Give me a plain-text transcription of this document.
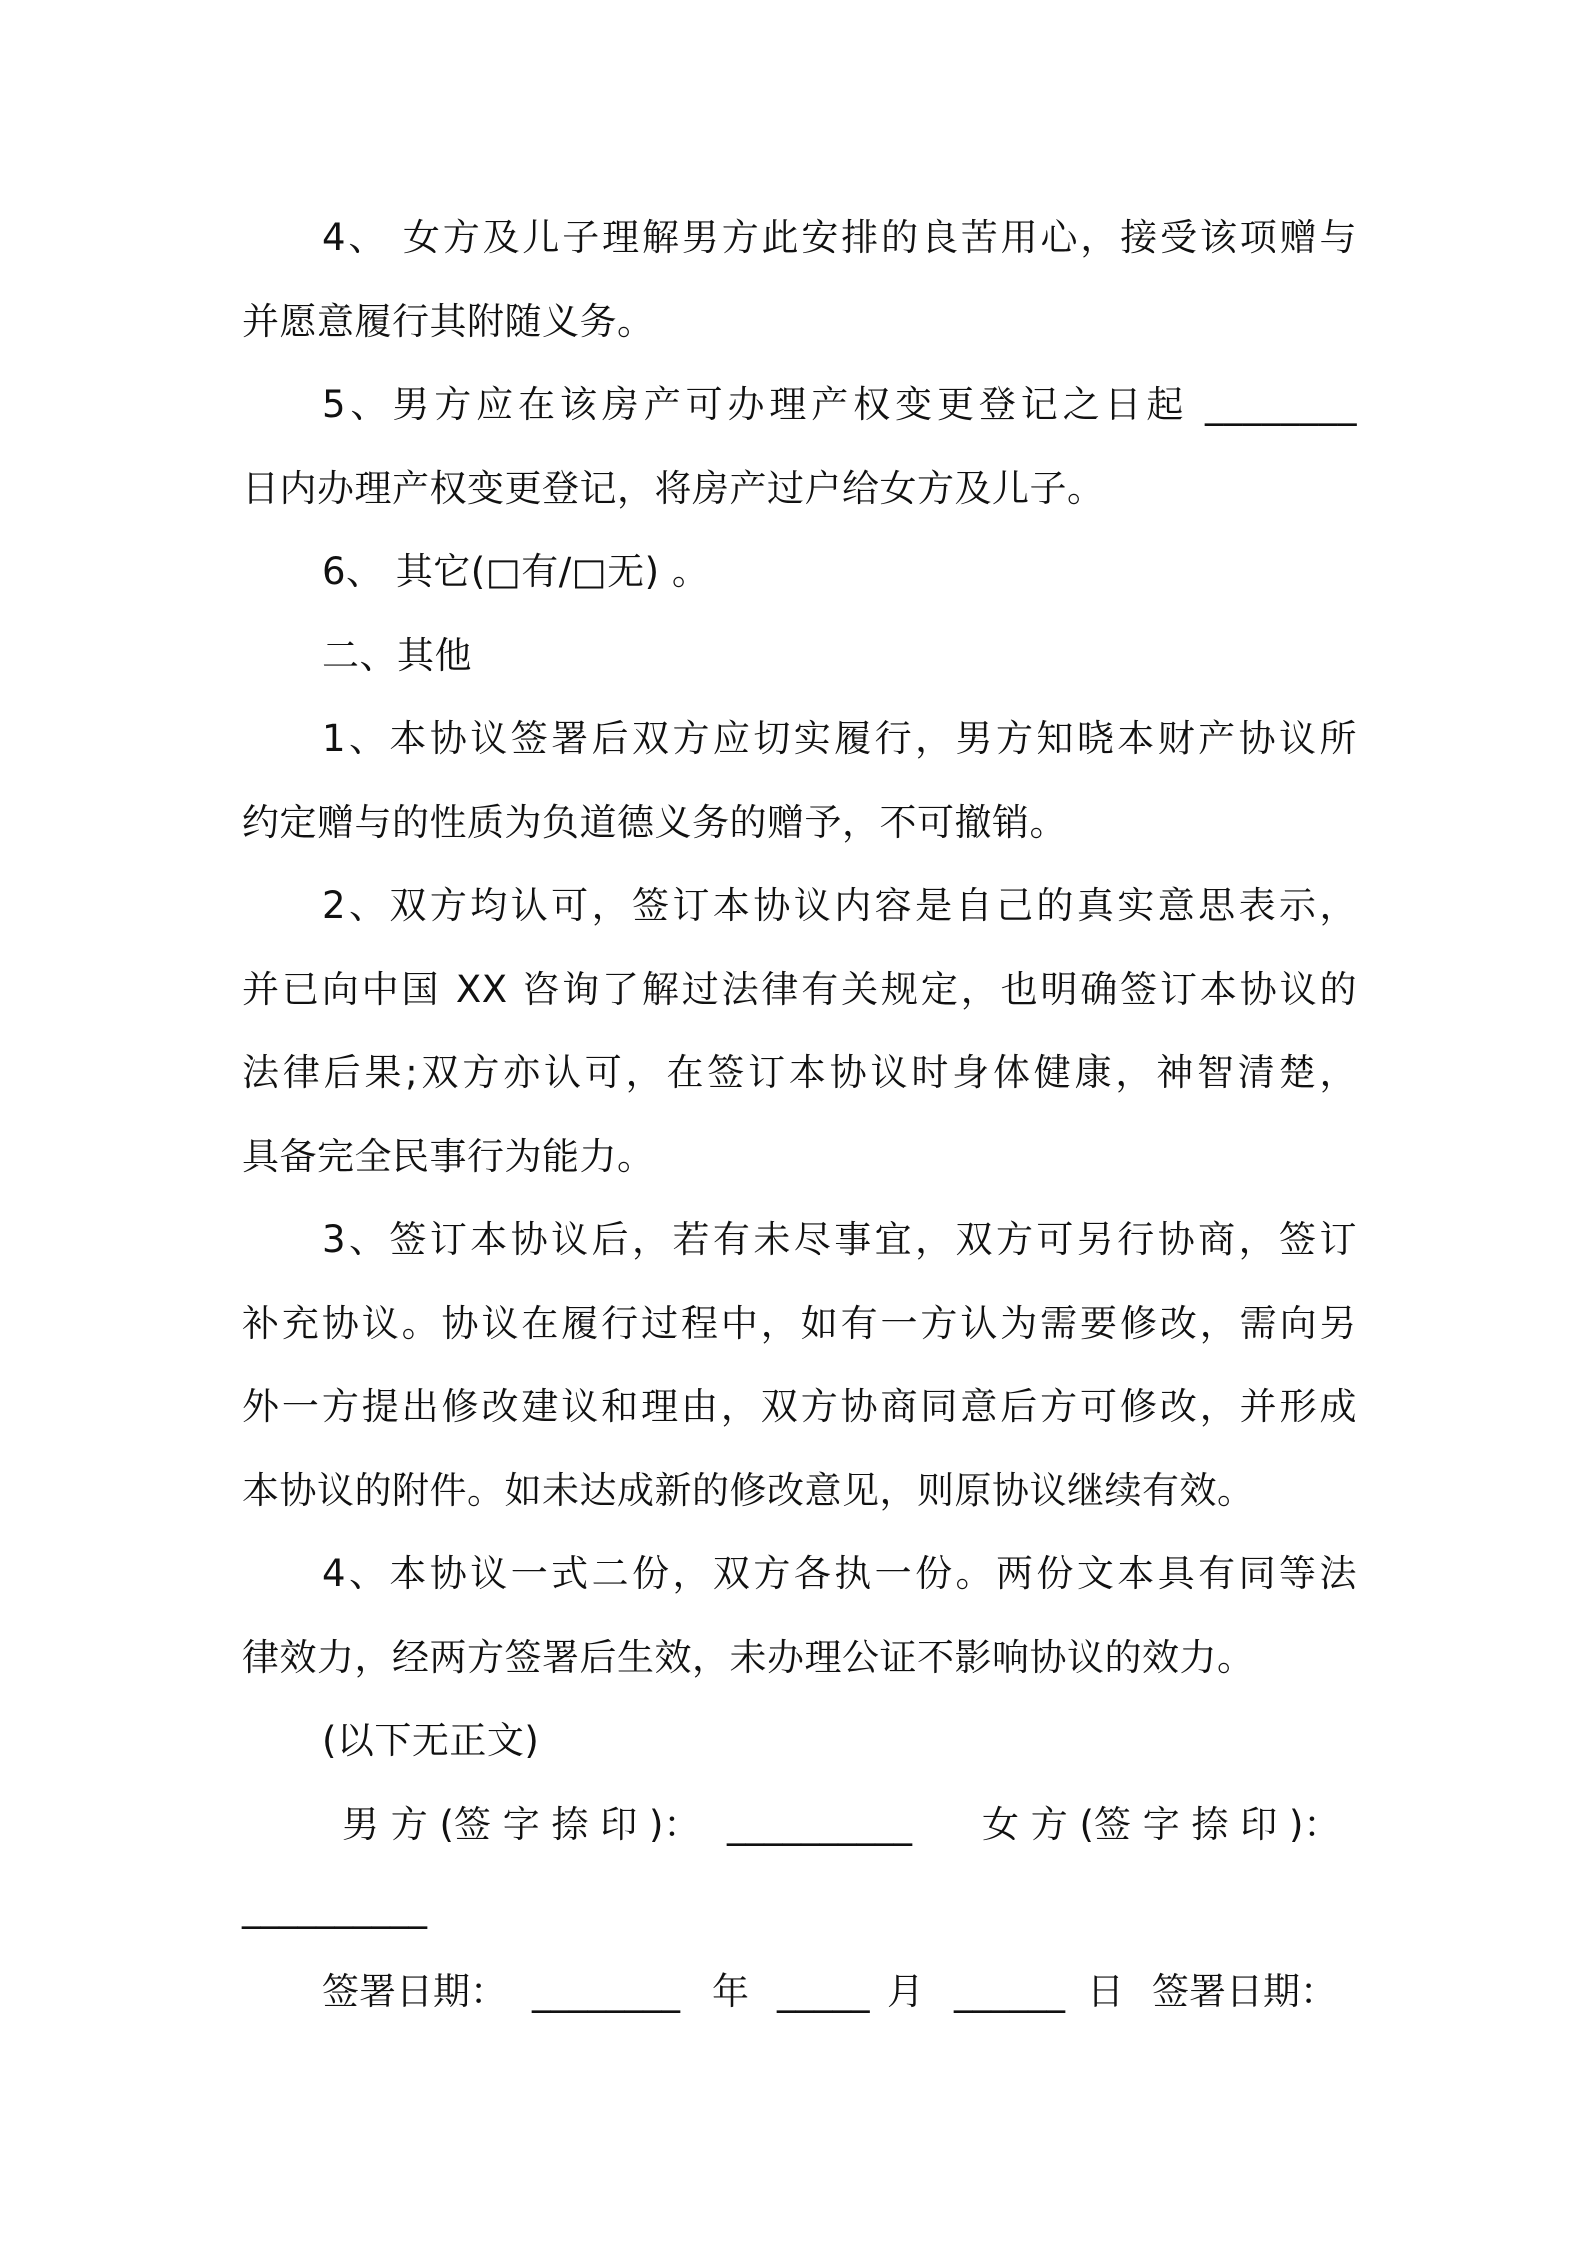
4、 女方及儿子理解男方此安排的良苦用心，接受该项赠与
并愿意履行其附随义务。
5、男方应在该房产可办理产权变更登记之日起 ________
日内办理产权变更登记，将房产过户给女方及儿子。
6、 其它(□有/□无) 。
二、其他
1、本协议签署后双方应切实履行，男方知晓本财产协议所
约定赠与的性质为负道德义务的赠予，不可撤销。
2、双方均认可，签订本协议内容是自己的真实意思表示，
并已向中国 XX 咨询了解过法律有关规定，也明确签订本协议的
法律后果;双方亦认可，在签订本协议时身体健康，神智清楚，
具备完全民事行为能力。
3、签订本协议后，若有未尽事宜，双方可另行协商，签订
补充协议。协议在履行过程中，如有一方认为需要修改，需向另
外一方提出修改建议和理由，双方协商同意后方可修改，并形成
本协议的附件。如未达成新的修改意见，则原协议继续有效。
4、本协议一式二份，双方各执一份。两份文本具有同等法
律效力，经两方签署后生效，未办理公证不影响协议的效力。
(以下无正文)
男 方 (签 字 捺 印 )： __________ 女 方 (签 字 捺 印 )：
__________
签署日期： ________ 年 _____ 月 ______ 日 签署日期：
